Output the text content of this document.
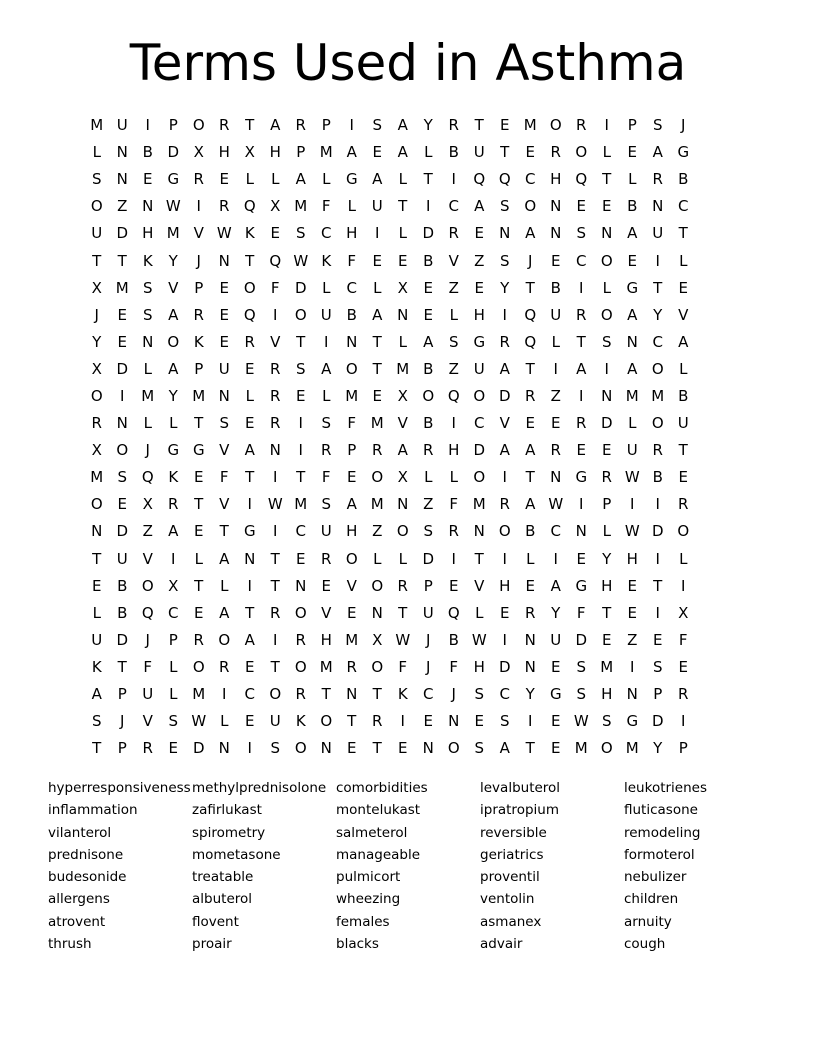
Terms Used in Asthma
M U	I	P	O R	T	A	R	P	I	S	A	Y	R	T	E M O R	I	P	S	J
L	N B D X H X H	P M A	E	A	L	B U	T	E	R O	L	E	A G
S	N	E G R	E	L	L	A	L	G A	L	T	I	Q Q C H Q	T	L	R	B
O Z N W	I	R Q X M F	L	U	T	I	C	A	S O N	E	E	B N C
U D H M V W K	E	S	C H	I	L	D R	E	N A N	S	N A U	T
T	T	K	Y	J	N	T	Q W K	F	E	E	B	V	Z	S	J	E	C O E	I	L
X M S	V	P	E O	F	D	L	C	L	X	E	Z	E	Y	T	B	I	L	G	T	E
J	E	S	A	R	E Q	I	O U B	A N	E	L	H	I	Q U R O A	Y	V
Y	E	N O K	E	R	V	T	I	N	T	L	A	S G R Q	L	T	S	N C	A
X D	L	A	P	U	E	R	S	A O	T M B	Z U A	T	I	A	I	A O	L
O	I	M Y M N	L	R	E	L M E	X O Q O D R	Z	I	N M M B
R N	L	L	T	S	E	R	I	S	F M V	B	I	C	V	E	E	R D	L	O U
X O	J	G G V	A N	I	R	P	R	A	R H D A	A	R	E	E	U R	T
M S Q K	E	F	T	I	T	F	E O X	L	L	O	I	T	N G R W B	E
O E	X	R	T	V	I	W M S	A M N Z	F M R	A W	I	P	I	I	R
N D Z	A	E	T	G	I	C U H Z O S	R N O B	C N	L W D O
T	U V	I	L	A N	T	E	R O	L	L	D	I	T	I	L	I	E	Y	H	I	L
E	B O X	T	L	I	T	N	E	V O R	P	E	V H	E	A G H	E	T	I
L	B Q C	E	A	T	R O V	E	N	T	U Q	L	E	R	Y	F	T	E	I	X
U D	J	P	R O A	I	R H M X W	J	B W	I	N U D E	Z	E	F
K	T	F	L	O R	E	T	O M R O	F	J	F	H D N	E	S M	I	S	E
A	P	U	L M	I	C O R	T	N	T	K	C	J	S	C	Y	G S	H N	P	R
S	J	V	S W L	E	U	K O	T	R	I	E	N	E	S	I	E W S G D	I
T	P	R	E D N	I	S O N	E	T	E	N O S	A	T	E M O M Y	P
hyperresponsiveness methylprednisolone comorbidities	levalbuterol	leukotrienes
inflammation	zafirlukast	montelukast	ipratropium	fluticasone
vilanterol	spirometry	salmeterol	reversible	remodeling
prednisone	mometasone	manageable	geriatrics	formoterol
budesonide	treatable	pulmicort	proventil	nebulizer
allergens	albuterol	wheezing	ventolin	children
atrovent	flovent	females	asmanex	arnuity
thrush	proair	blacks	advair	cough
